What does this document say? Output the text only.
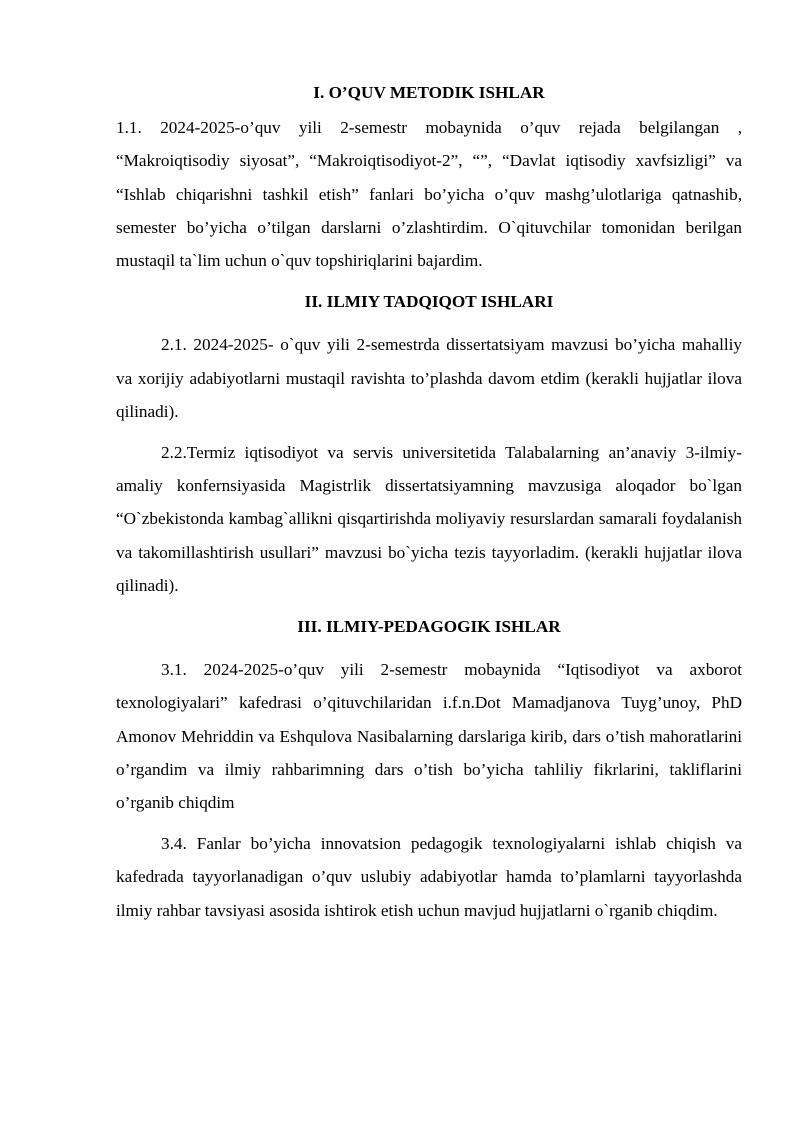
I. O’QUV METODIK ISHLAR

1.1. 2024-2025-o’quv yili 2-semestr mobaynida o’quv rejada belgilangan , “Makroiqtisodiy siyosat”, “Makroiqtisodiyot-2”, “”, “Davlat iqtisodiy xavfsizligi” va “Ishlab chiqarishni tashkil etish” fanlari bo’yicha o’quv mashg’ulotlariga qatnashib, semester bo’yicha o’tilgan darslarni o’zlashtirdim. O`qituvchilar tomonidan berilgan mustaqil ta`lim uchun o`quv topshiriqlarini bajardim.

II. ILMIY TADQIQOT ISHLARI

2.1. 2024-2025- o`quv yili 2-semestrda dissertatsiyam mavzusi bo’yicha mahalliy va xorijiy adabiyotlarni mustaqil ravishta to’plashda davom etdim (kerakli hujjatlar ilova qilinadi).

2.2.Termiz iqtisodiyot va servis universitetida Talabalarning an’anaviy 3-ilmiy-amaliy konfernsiyasida Magistrlik dissertatsiyamning mavzusiga aloqador bo`lgan “O`zbekistonda kambag`allikni qisqartirishda moliyaviy resurslardan samarali foydalanish va takomillashtirish usullari” mavzusi bo`yicha tezis tayyorladim. (kerakli hujjatlar ilova qilinadi).

III. ILMIY-PEDAGOGIK ISHLAR

3.1. 2024-2025-o’quv yili 2-semestr mobaynida “Iqtisodiyot va axborot texnologiyalari” kafedrasi o’qituvchilaridan i.f.n.Dot Mamadjanova Tuyg’unoy, PhD Amonov Mehriddin va Eshqulova Nasibalarning darslariga kirib, dars o’tish mahoratlarini o’rgandim va ilmiy rahbarimning dars o’tish bo’yicha tahliliy fikrlarini, takliflarini o’rganib chiqdim

3.4. Fanlar bo’yicha innovatsion pedagogik texnologiyalarni ishlab chiqish va kafedrada tayyorlanadigan o’quv uslubiy adabiyotlar hamda to’plamlarni tayyorlashda ilmiy rahbar tavsiyasi asosida ishtirok etish uchun mavjud hujjatlarni o`rganib chiqdim.
